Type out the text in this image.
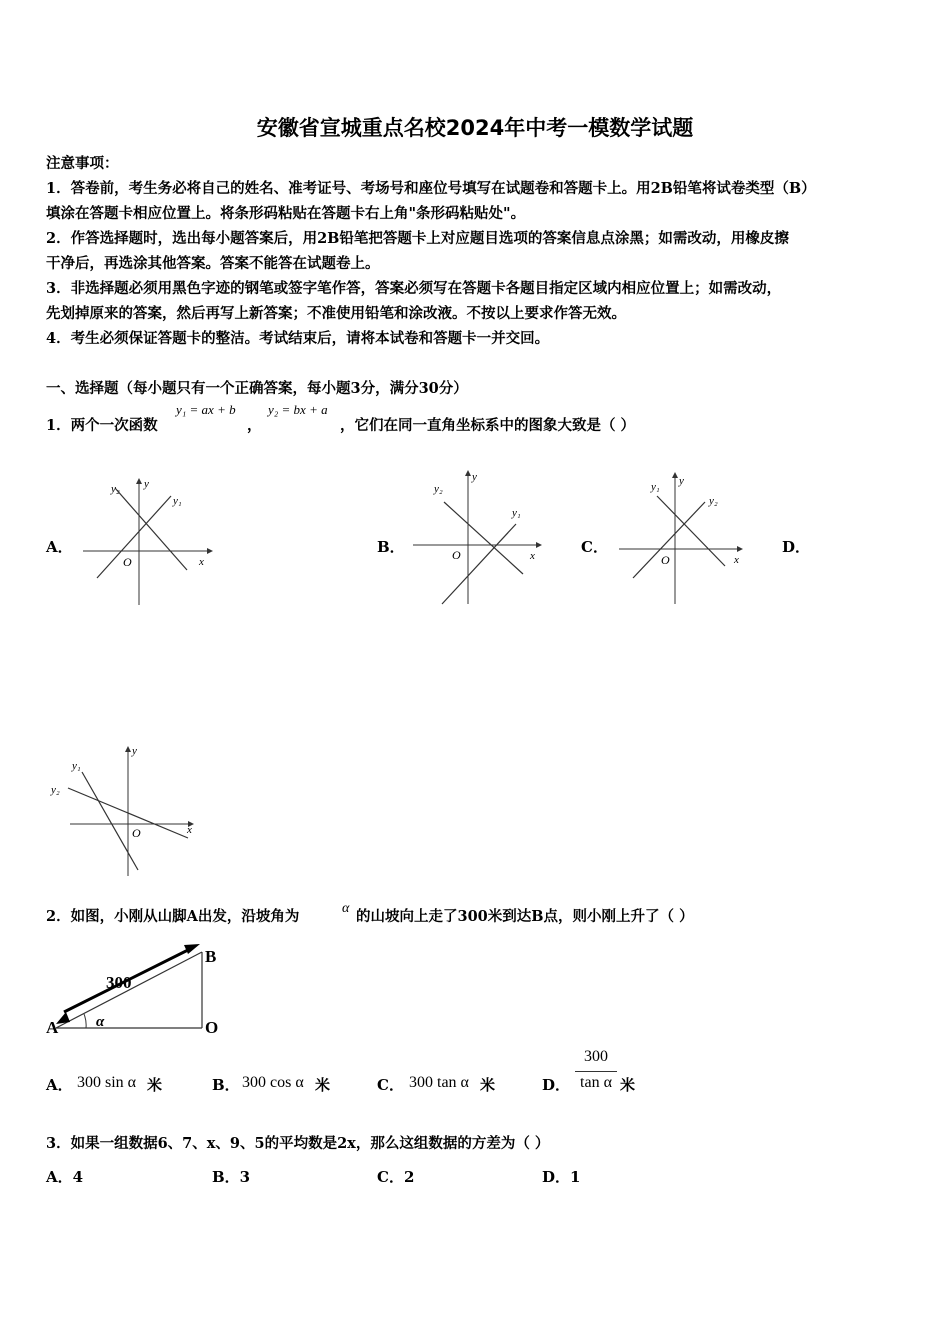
安徽省宣城重点名校2024年中考一模数学试题
注意事项：
1．答卷前，考生务必将自己的姓名、准考证号、考场号和座位号填写在试题卷和答题卡上。用2B铅笔将试卷类型（B）
填涂在答题卡相应位置上。将条形码粘贴在答题卡右上角"条形码粘贴处"。
2．作答选择题时，选出每小题答案后，用2B铅笔把答题卡上对应题目选项的答案信息点涂黑；如需改动，用橡皮擦
干净后，再选涂其他答案。答案不能答在试题卷上。
3．非选择题必须用黑色字迹的钢笔或签字笔作答，答案必须写在答题卡各题目指定区域内相应位置上；如需改动，
先划掉原来的答案，然后再写上新答案；不准使用铅笔和涂改液。不按以上要求作答无效。
4．考生必须保证答题卡的整洁。考试结束后，请将本试卷和答题卡一并交回。
一、选择题（每小题只有一个正确答案，每小题3分，满分30分）
1．两个一次函数
y₁ = ax + b
，
y₂ = bx + a
，它们在同一直角坐标系中的图象大致是（ ）
A．	B．	C．	D．
y₂ y
y₁
O	x
y₂
y
y₁
O	x
y₁ y
y₂
O	x
y₁
y
y₂
O	x
2．如图，小刚从山脚A出发，沿坡角为	α 的山坡向上走了300米到达B点，则小刚上升了（ ）
A
B
O
300
α
A． 300 sin α 米	B． 300 cos α 米	C． 300 tan α 米	D．
300
tan α 米
3．如果一组数据6、7、x、9、5的平均数是2x，那么这组数据的方差为（ ）
A．4	B．3	C．2	D．1
